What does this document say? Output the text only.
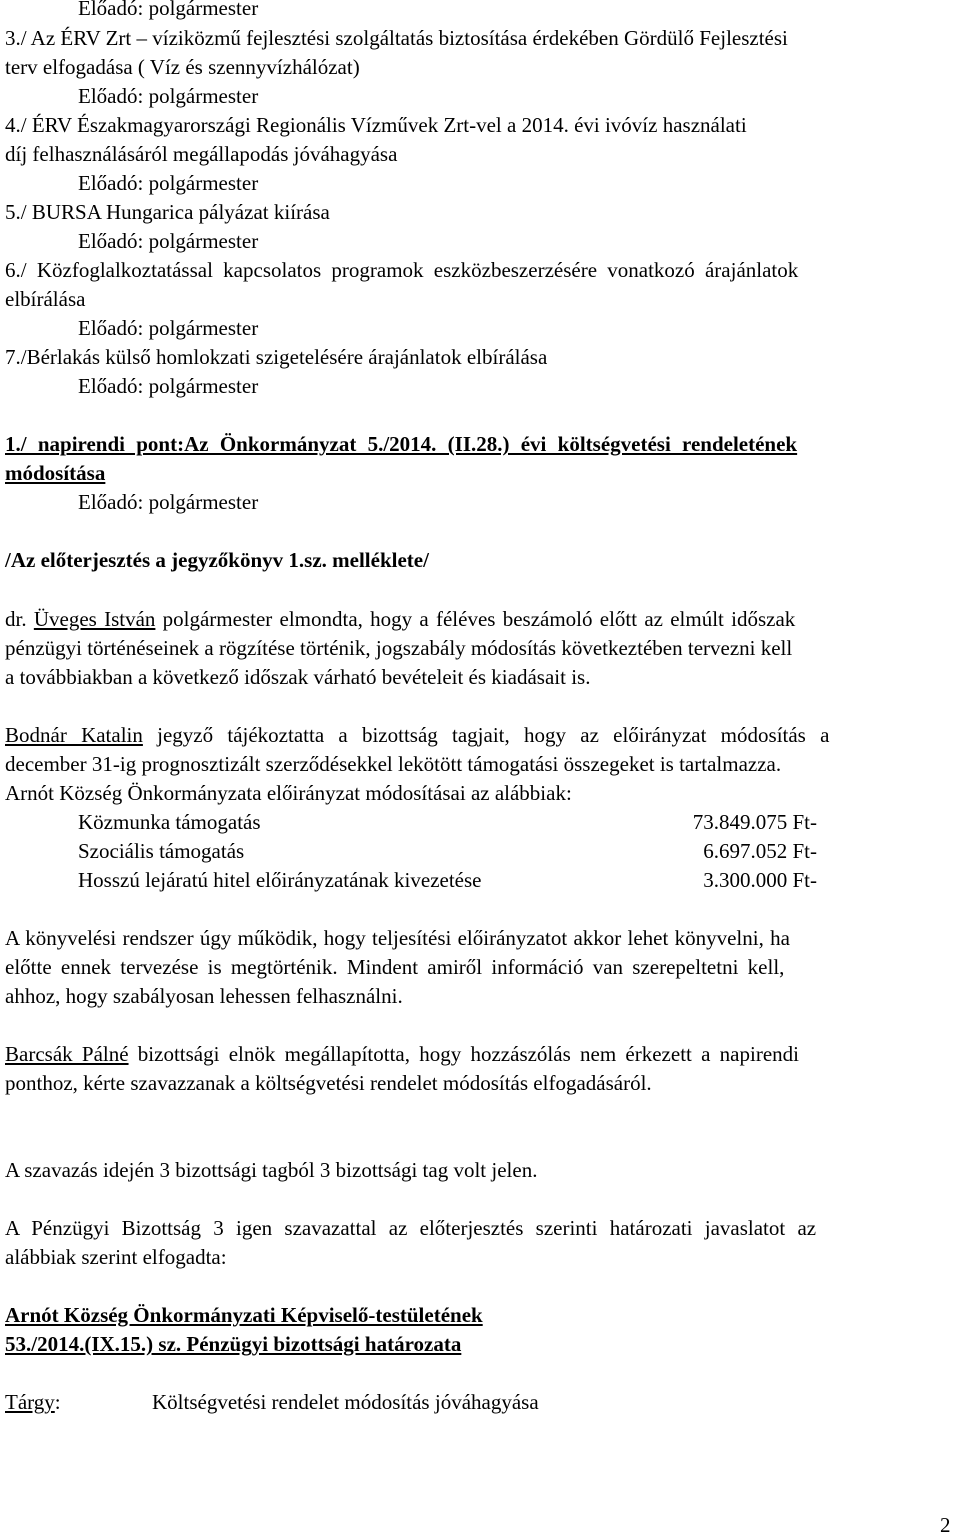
Előadó: polgármester
3./ Az ÉRV Zrt – víziközmű fejlesztési szolgáltatás biztosítása érdekében Gördülő Fejlesztési
terv elfogadása ( Víz és szennyvízhálózat)
Előadó: polgármester
4./ ÉRV Északmagyarországi Regionális Vízművek Zrt-vel a 2014. évi ivóvíz használati
díj felhasználásáról megállapodás jóváhagyása
Előadó: polgármester
5./ BURSA Hungarica pályázat kiírása
Előadó: polgármester
6./ Közfoglalkoztatással kapcsolatos programok eszközbeszerzésére vonatkozó árajánlatok
elbírálása
Előadó: polgármester
7./Bérlakás külső homlokzati szigetelésére árajánlatok elbírálása
Előadó: polgármester
1./ napirendi pont:Az Önkormányzat 5./2014. (II.28.) évi költségvetési rendeletének
módosítása
Előadó: polgármester
/Az előterjesztés a jegyzőkönyv 1.sz. melléklete/
dr. Üveges István polgármester elmondta, hogy a féléves beszámoló előtt az elmúlt időszak
pénzügyi történéseinek a rögzítése történik, jogszabály módosítás következtében tervezni kell
a továbbiakban a következő időszak várható bevételeit és kiadásait is.
Bodnár Katalin jegyző tájékoztatta a bizottság tagjait, hogy az előirányzat módosítás a
december 31-ig prognosztizált szerződésekkel lekötött támogatási összegeket is tartalmazza.
Arnót Község Önkormányzata előirányzat módosításai az alábbiak:
Közmunka támogatás	73.849.075 Ft-
Szociális támogatás	6.697.052 Ft-
Hosszú lejáratú hitel előirányzatának kivezetése	3.300.000 Ft-
A könyvelési rendszer úgy működik, hogy teljesítési előirányzatot akkor lehet könyvelni, ha
előtte ennek tervezése is megtörténik. Mindent amiről információ van szerepeltetni kell,
ahhoz, hogy szabályosan lehessen felhasználni.
Barcsák Pálné bizottsági elnök megállapította, hogy hozzászólás nem érkezett a napirendi
ponthoz, kérte szavazzanak a költségvetési rendelet módosítás elfogadásáról.
A szavazás idején 3 bizottsági tagból 3 bizottsági tag volt jelen.
A Pénzügyi Bizottság 3 igen szavazattal az előterjesztés szerinti határozati javaslatot az
alábbiak szerint elfogadta:
Arnót Község Önkormányzati Képviselő-testületének
53./2014.(IX.15.) sz. Pénzügyi bizottsági határozata
Tárgy:	Költségvetési rendelet módosítás jóváhagyása
2
